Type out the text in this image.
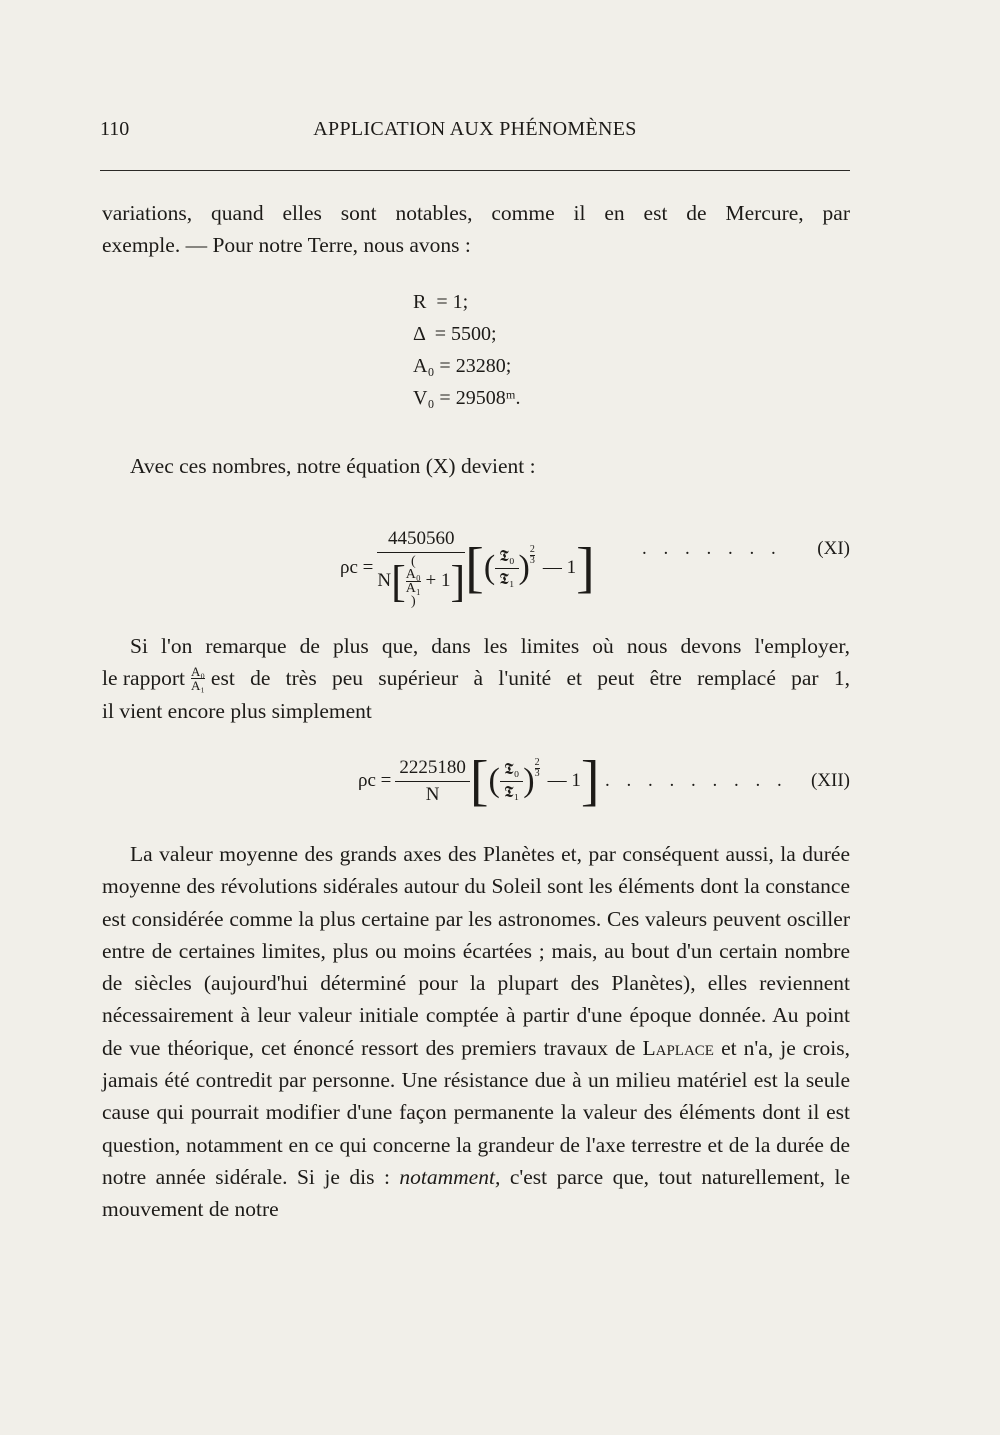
110	APPLICATION AUX PHÉNOMÈNES

variations, quand elles sont notables, comme il en est de Mercure, par

exemple. — Pour notre Terre, nous avons :

R  = 1;
Δ  = 5500;
A₀ = 23280;
V₀ = 29508ᵐ.

Avec ces nombres, notre équation (X) devient :

ρc = 4450560
N[ (
A₀
A₁
) + 1] [ ( $\frac{\text{𝕿₀}}{\text{𝕿₁}}$ ) $\frac{2}{3}$
— 1 ] . . . . . . . (XI)

Si l'on remarque de plus que, dans les limites où nous devons l'employer,

le rapport $\frac{\text{A₀}}{\text{A₁}}$ est de très peu supérieur à l'unité et peut être remplacé par 1,

il vient encore plus simplement

$\rho c = \frac{2225180}{N}$ [ ( $\frac{\text{𝕿₀}}{\text{𝕿₁}}$ ) $\frac{2}{3}$
— 1 ] . . . . . . . . . (XII)

La valeur moyenne des grands axes des Planètes et, par conséquent aussi, la durée moyenne des révolutions sidérales autour du Soleil sont les éléments dont la constance est considérée comme la plus certaine par les astronomes. Ces valeurs peuvent osciller entre de certaines limites, plus ou moins écartées ; mais, au bout d'un certain nombre de siècles (aujourd'hui déterminé pour la plupart des Planètes), elles reviennent nécessairement à leur valeur initiale comptée à partir d'une époque donnée. Au point de vue théorique, cet énoncé ressort des premiers travaux de Laplace et n'a, je crois, jamais été contredit par personne. Une résistance due à un milieu matériel est la seule cause qui pourrait modifier d'une façon permanente la valeur des éléments dont il est question, notamment en ce qui concerne la grandeur de l'axe terrestre et de la durée de notre année sidérale. Si je dis : notamment, c'est parce que, tout naturellement, le mouvement de notre
